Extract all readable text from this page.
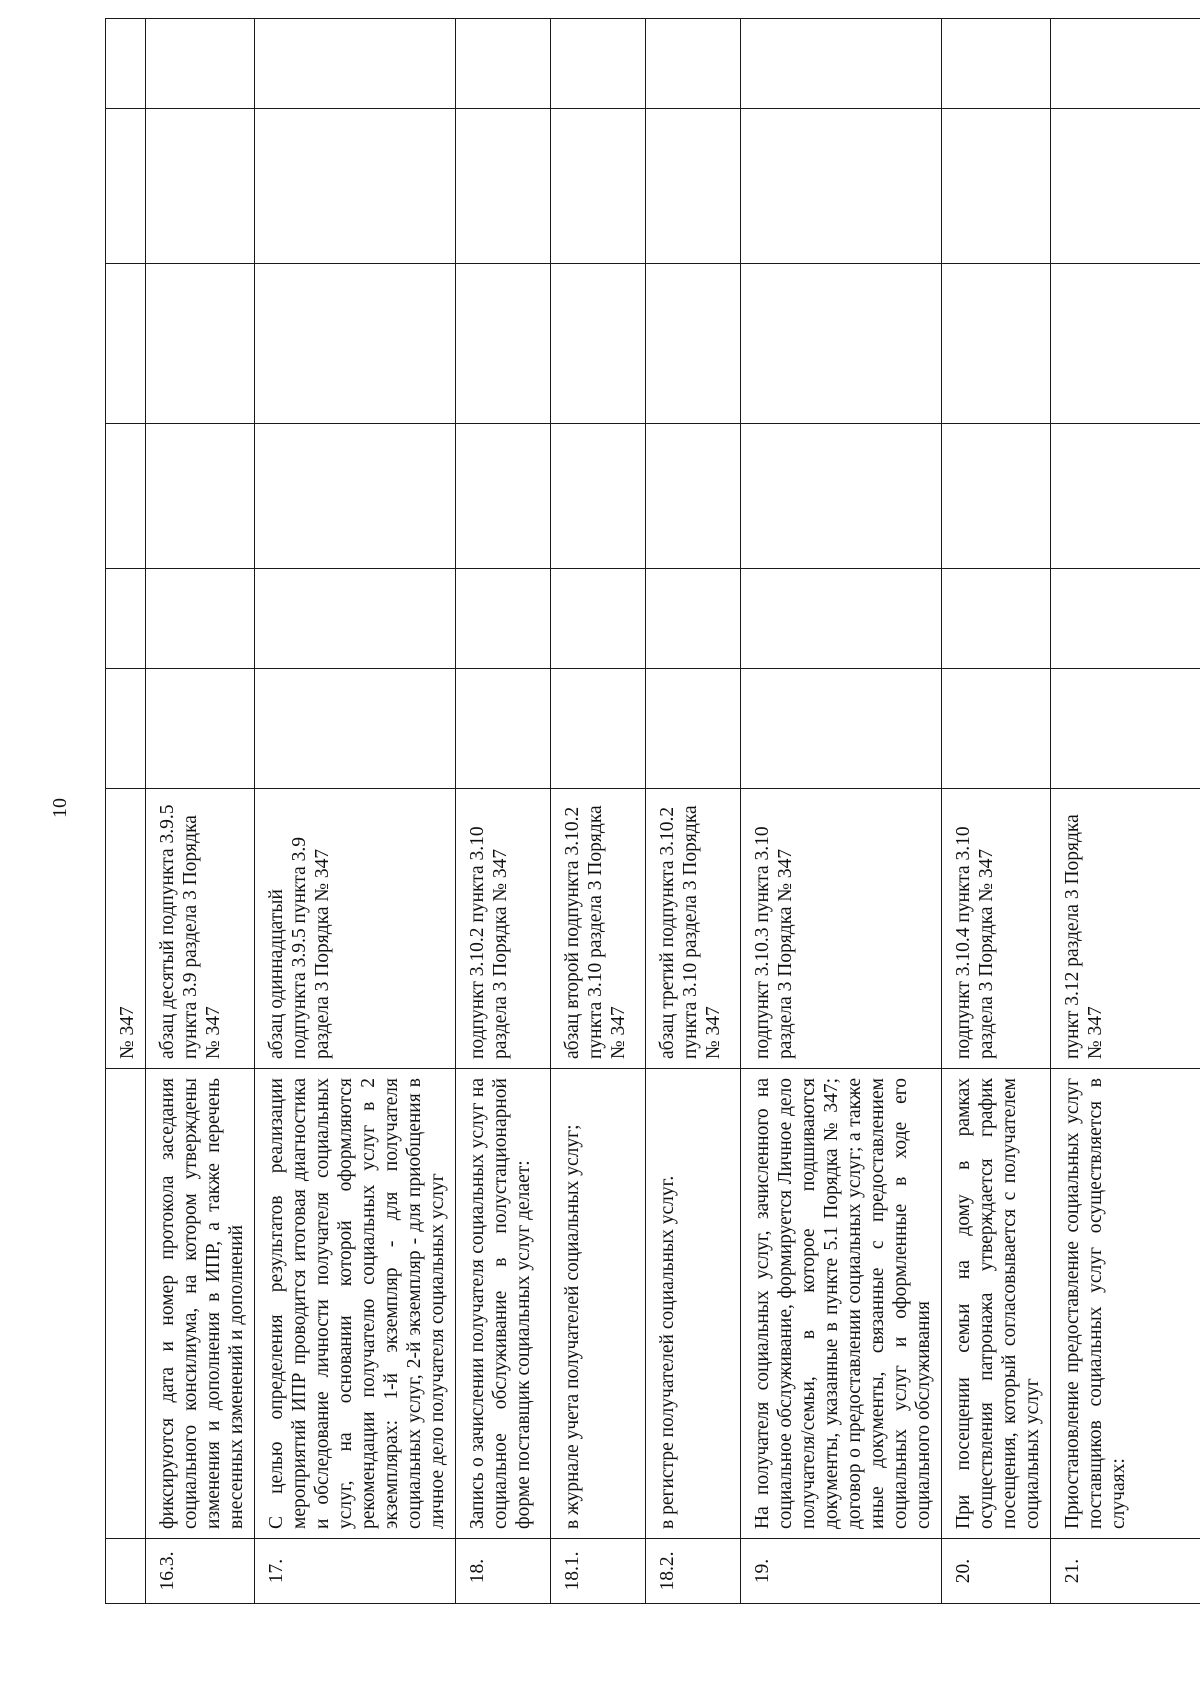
10
		№ 347						
16.3.	фиксируются дата и номер протокола заседания социального консилиума, на котором утверждены изменения и дополнения в ИПР, а также перечень внесенных изменений и дополнений	абзац десятый подпункта 3.9.5 пункта 3.9 раздела 3 Порядка № 347						
17.	С целью определения результатов реализации мероприятий ИПР проводится итоговая диагностика и обследование личности получателя социальных услуг, на основании которой оформляются рекомендации получателю социальных услуг в 2 экземплярах: 1-й экземпляр - для получателя социальных услуг, 2-й экземпляр - для приобщения в личное дело получателя социальных услуг	абзац одиннадцатый подпункта 3.9.5 пункта 3.9 раздела 3 Порядка № 347						
18.	Запись о зачислении получателя социальных услуг на социальное обслуживание в полустационарной форме поставщик социальных услуг делает:	подпункт 3.10.2 пункта 3.10 раздела 3 Порядка № 347						
18.1.	в журнале учета получателей социальных услуг;	абзац второй подпункта 3.10.2 пункта 3.10 раздела 3 Порядка № 347						
18.2.	в регистре получателей социальных услуг.	абзац третий подпункта 3.10.2 пункта 3.10 раздела 3 Порядка № 347						
19.	На получателя социальных услуг, зачисленного на социальное обслуживание, формируется Личное дело получателя/семьи, в которое подшиваются документы, указанные в пункте 5.1 Порядка № 347; договор о предоставлении социальных услуг; а также иные документы, связанные с предоставлением социальных услуг и оформленные в ходе его социального обслуживания	подпункт 3.10.3 пункта 3.10 раздела 3 Порядка № 347						
20.	При посещении семьи на дому в рамках осуществления патронажа утверждается график посещения, который согласовывается с получателем социальных услуг	подпункт 3.10.4 пункта 3.10 раздела 3 Порядка № 347						
21.	Приостановление предоставление социальных услуг поставщиков социальных услуг осуществляется в случаях:	пункт 3.12 раздела 3 Порядка № 347						
